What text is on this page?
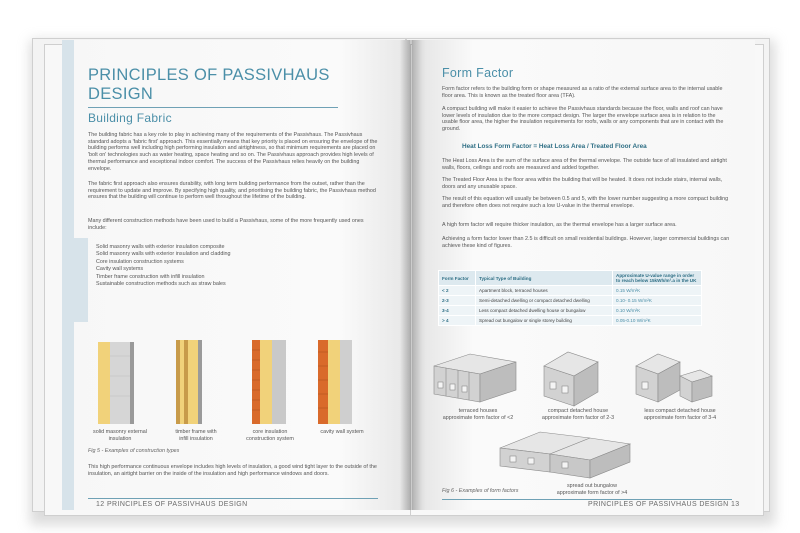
PRINCIPLES OF PASSIVHAUS
DESIGN
Building Fabric
The building fabric has a key role to play in achieving many of the requirements of the Passivhaus. The Passivhaus standard adopts a 'fabric first' approach. This essentially means that key priority is placed on ensuring the envelope of the building performs well including high performing insulation and airtightness, so that minimum requirements are placed on 'bolt on' technologies such as water heating, space heating and so on. The Passivhaus approach provides high levels of thermal performance and exceptional indoor comfort. The success of the Passivhaus relies heavily on the building envelope.
The fabric first approach also ensures durability, with long term building performance from the outset, rather than the requirement to update and improve. By specifying high quality, and prioritising the building fabric, the Passivhaus method ensures that the building will continue to perform well throughout the lifetime of the building.
Many different construction methods have been used to build a Passivhaus, some of the more frequently used ones include:
Solid masonry walls with exterior insulation composite
Solid masonry walls with exterior insulation and cladding
Core insulation construction systems
Cavity wall systems
Timber frame construction with infill insulation
Sustainable construction methods such as straw bales
solid masonry external
insulation
timber frame with
infill insulation
core insulation
construction system
cavity wall system
Fig 5 - Examples of construction types
This high performance continuous envelope includes high levels of insulation, a good wind tight layer to the outside of the insulation, an airtight barrier on the inside of the insulation and high performance windows and doors.
12 PRINCIPLES OF PASSIVHAUS DESIGN
Form Factor
Form factor refers to the building form or shape measured as a ratio of the external surface area to the internal usable floor area. This is known as the treated floor area (TFA).
A compact building will make it easier to achieve the Passivhaus standards because the floor, walls and roof can have lower levels of insulation due to the more compact design. The larger the envelope surface area is in relation to the usable floor area, the higher the insulation requirements for roofs, walls or any components that are in contact with the ground.
Heat Loss Form Factor = Heat Loss Area / Treated Floor Area
The Heat Loss Area is the sum of the surface area of the thermal envelope. The outside face of all insulated and airtight walls, floors, ceilings and roofs are measured and added together.
The Treated Floor Area is the floor area within the building that will be heated. It does not include stairs, internal walls, doors and any unusable space.
The result of this equation will usually be between 0.5 and 5, with the lower number suggesting a more compact building and therefore often does not require such a low U-value in the thermal envelope.
A high form factor will require thicker insulation, as the thermal envelope has a larger surface area.
Achieving a form factor lower than 2.5 is difficult on small residential buildings. However, larger commercial buildings can achieve these kind of figures.
Form Factor	Typical Type of Building	Approximate U-value range in order to reach below 15kWh/m².a in the UK
< 2	Apartment block, terraced houses	0.15 W/m²K
2-3	Semi-detached dwelling or compact detached dwelling	0.10- 0.15 W/m²K
3-4	Less compact detached dwelling house or bungalow	0.10 W/m²K
> 4	Spread out bungalow or single storey building	0.05-0.10 W/m²K
terraced houses
approximate form factor of <2
compact detached house
approximate form factor of 2-3
less compact detached house
approximate form factor of 3-4
spread out bungalow
approximate form factor of >4
Fig 6 - Examples of form factors
PRINCIPLES OF PASSIVHAUS DESIGN 13
